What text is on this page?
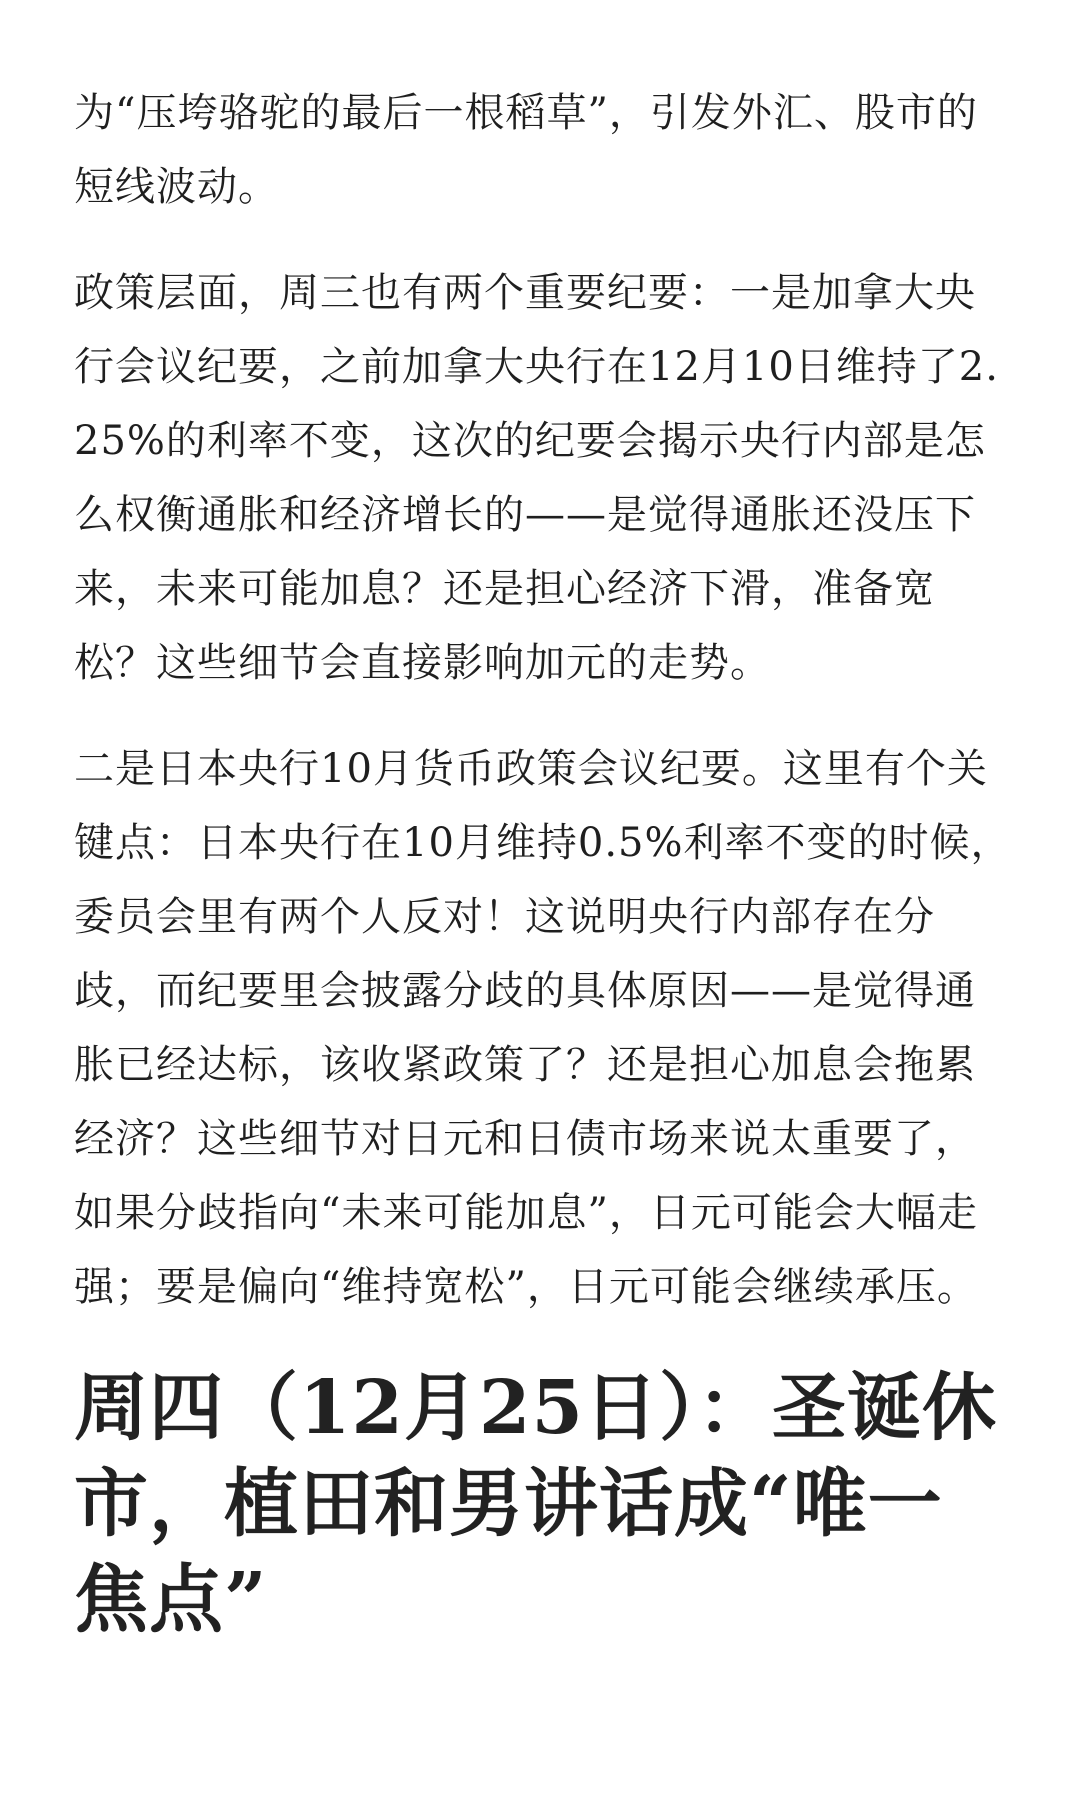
为“压垮骆驼的最后一根稻草”，引发外汇、股市的短线波动。

政策层面，周三也有两个重要纪要：一是加拿大央行会议纪要，之前加拿大央行在12月10日维持了2.25%的利率不变，这次的纪要会揭示央行内部是怎么权衡通胀和经济增长的——是觉得通胀还没压下来，未来可能加息？还是担心经济下滑，准备宽松？这些细节会直接影响加元的走势。

二是日本央行10月货币政策会议纪要。这里有个关键点：日本央行在10月维持0.5%利率不变的时候，委员会里有两个人反对！这说明央行内部存在分歧，而纪要里会披露分歧的具体原因——是觉得通胀已经达标，该收紧政策了？还是担心加息会拖累经济？这些细节对日元和日债市场来说太重要了，如果分歧指向“未来可能加息”，日元可能会大幅走强；要是偏向“维持宽松”，日元可能会继续承压。

周四（12月25日）：圣诞休市，植田和男讲话成“唯一焦点”
